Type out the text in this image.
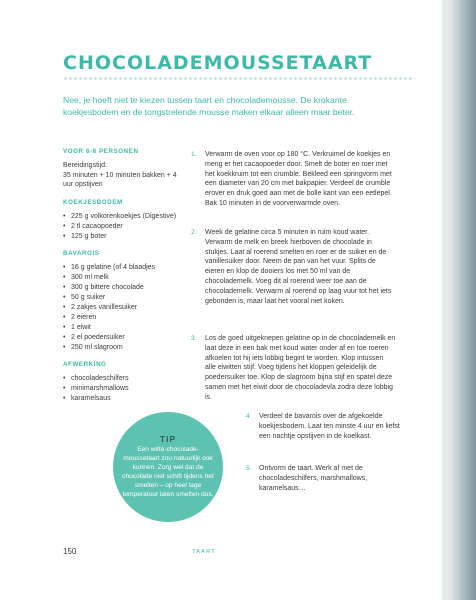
CHOCOLADEMOUSSETAART

Nee, je hoeft niet te kiezen tussen taart en chocolademousse. De krokante koekjesbodem en de tongstrelende mousse maken elkaar alleen maar beter.

VOOR 6-8 PERSONEN

Bereidingstijd:

35 minuten + 10 minuten bakken + 4 uur opstijven

KOEKJESBODEM

• 225 g volkorenkoekjes (Digestive)
• 2 tl cacaopoeder
• 125 g boter

BAVAROIS

• 16 g gelatine (of 4 blaadjes
• 300 ml melk
• 300 g bittere chocolade
• 50 g suiker
• 2 zakjes vanillesuiker
• 2 eieren
• 1 eiwit
• 2 el poedersuiker
• 250 ml slagroom

AFWERKING

• chocoladeschilfers
• minimarshmallows
• karamelsaus
1. Verwarm de oven voor op 180 °C. Verkruimel de koekjes en meng er het cacaopoeder door. Smelt de boter en roer met het koekkruim tot een crumble. Bekleed een springvorm met een diameter van 20 cm met bakpapier. Verdeel de crumble erover en druk goed aan met de bolle kant van een eetlepel. Bak 10 minuten in de voorverwarmde oven.
2. Week de gelatine circa 5 minuten in ruim koud water. Verwarm de melk en breek hierboven de chocolade in stukjes. Laat al roerend smelten en roer er de suiker en de vanillesuiker door. Neem de pan van het vuur. Splits de eieren en klop de dooiers los met 50 ml van de chocolademelk. Voeg dit al roerend weer toe aan de chocolademelk. Verwarm al roerend op laag vuur tot het iets gebonden is, maar laat het vooral niet koken.
3. Los de goed uitgeknepen gelatine op in de chocolademelk en laat deze in een bak met koud water onder af en toe roeren afkoelen tot hij iets lobbig begint te worden. Klop intussen alle eiwitten stijf. Voeg tijdens het kloppen geleidelijk de poedersuiker toe. Klop de slagroom bijna stijf en spatel deze samen met het eiwit door de chocoladevla zodra deze lobbig is.
4. Verdeel de bavarois over de afgekoelde koekjesbodem. Laat ten minste 4 uur en liefst een nachtje opstijven in de koelkast.
5. Ontvorm de taart. Werk af met de chocoladeschilfers, marshmallows, karamelsaus…

TIP

Een witte-chocolade-moussetaart zou natuurlijk ook kunnen. Zorg wel dat de chocolade niet schift tijdens het smelten – op heel lage temperatuur laten smelten dus.

150	TAART
